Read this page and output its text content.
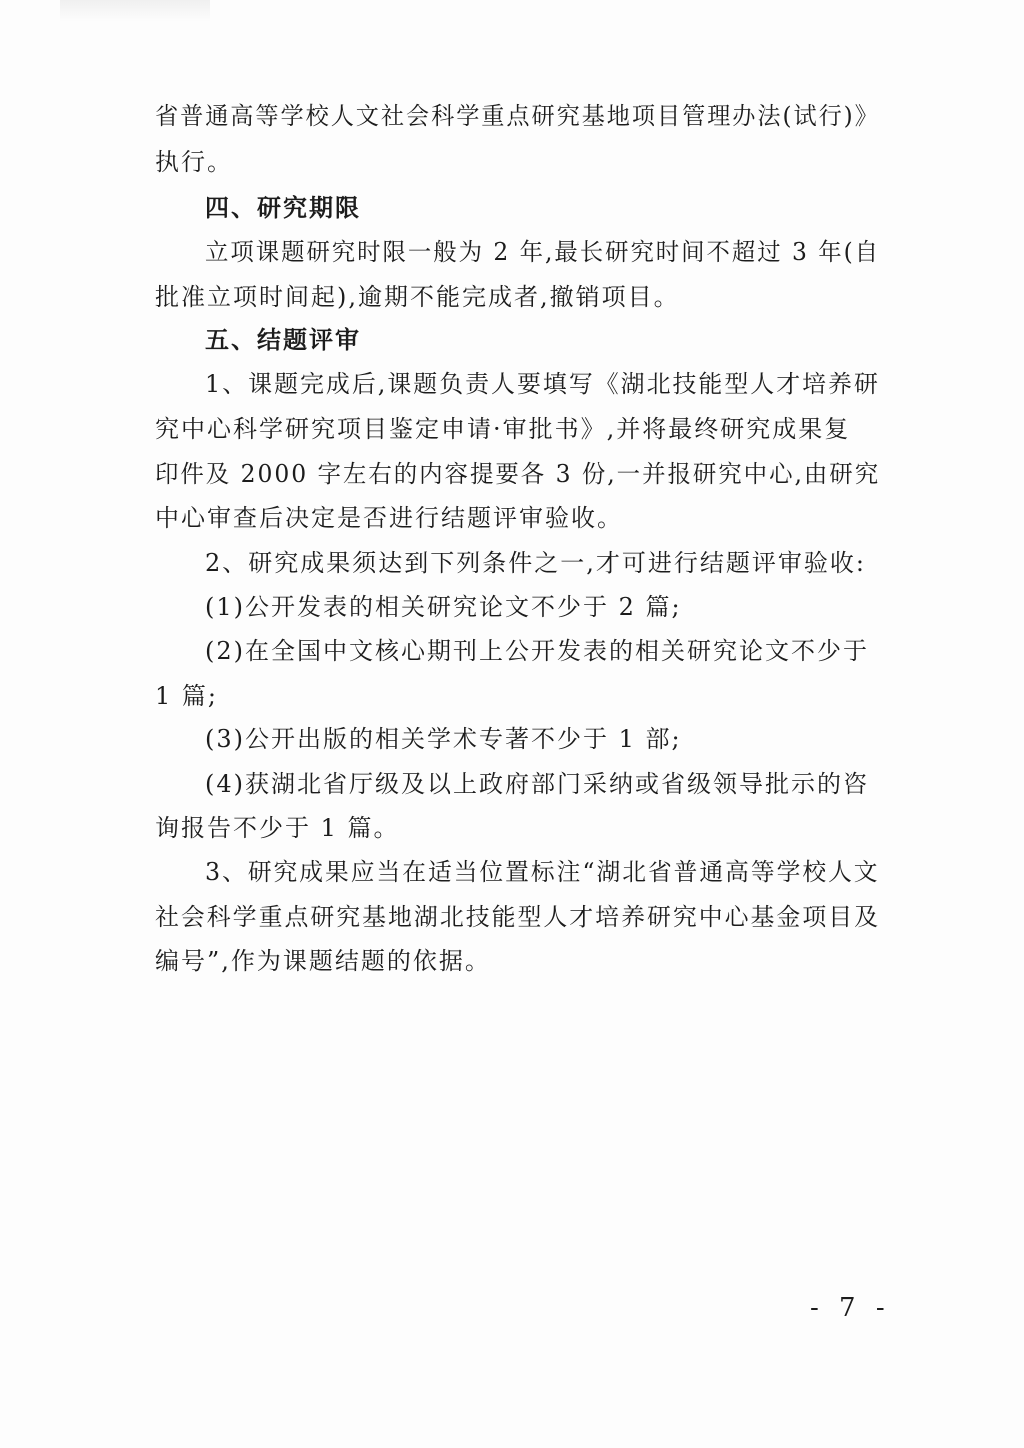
省普通高等学校人文社会科学重点研究基地项目管理办法(试行)》
执行。
四、研究期限
立项课题研究时限一般为 2 年,最长研究时间不超过 3 年(自
批准立项时间起),逾期不能完成者,撤销项目。
五、结题评审
1、课题完成后,课题负责人要填写《湖北技能型人才培养研
究中心科学研究项目鉴定申请·审批书》,并将最终研究成果复
印件及 2000 字左右的内容提要各 3 份,一并报研究中心,由研究
中心审查后决定是否进行结题评审验收。
2、研究成果须达到下列条件之一,才可进行结题评审验收:
(1)公开发表的相关研究论文不少于 2 篇;
(2)在全国中文核心期刊上公开发表的相关研究论文不少于
1 篇;
(3)公开出版的相关学术专著不少于 1 部;
(4)获湖北省厅级及以上政府部门采纳或省级领导批示的咨
询报告不少于 1 篇。
3、研究成果应当在适当位置标注“湖北省普通高等学校人文
社会科学重点研究基地湖北技能型人才培养研究中心基金项目及
编号”,作为课题结题的依据。
- 7 -
